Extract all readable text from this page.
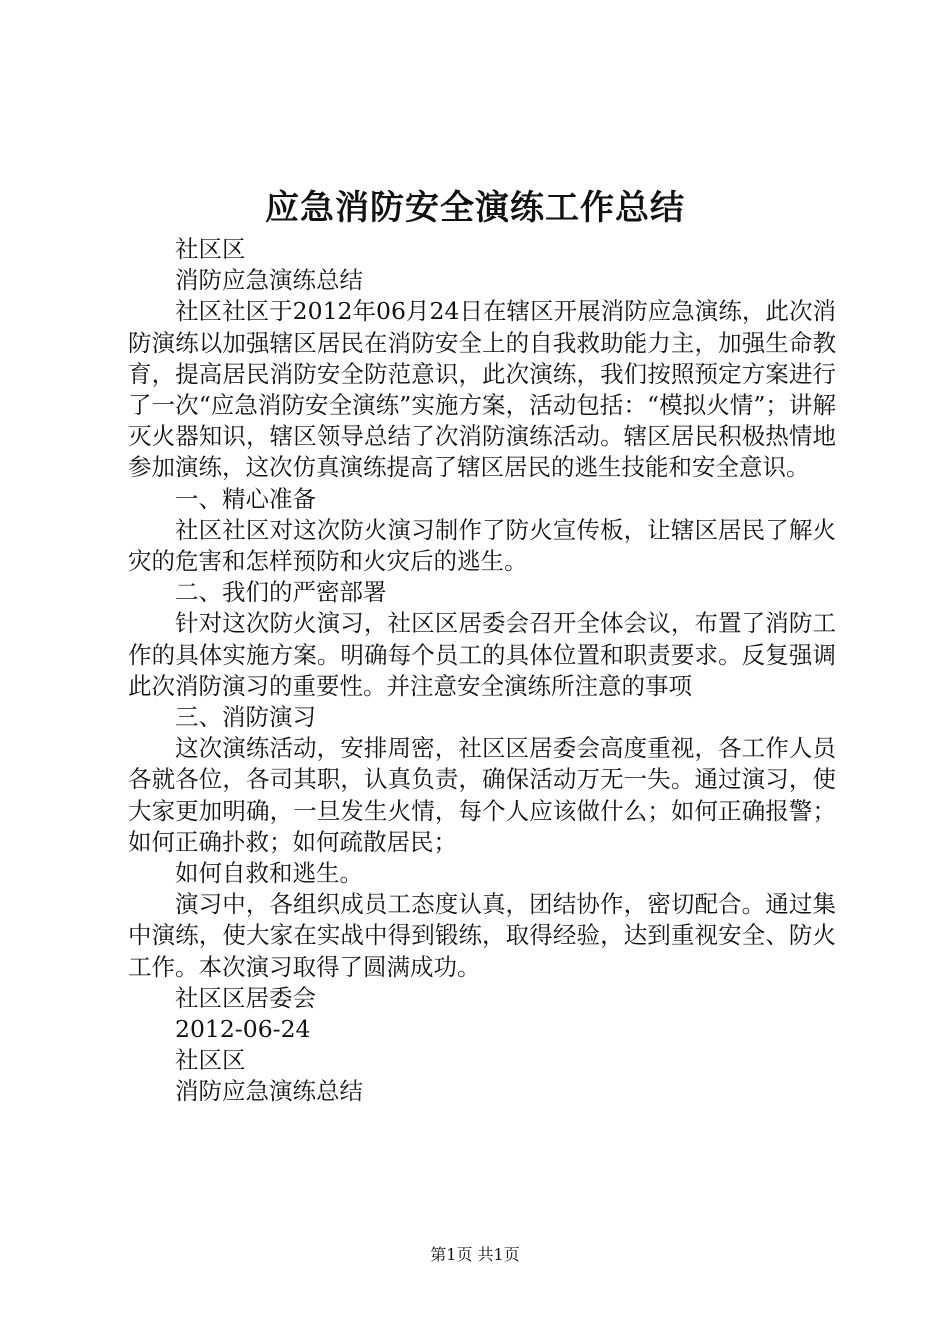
应急消防安全演练工作总结

社区区

消防应急演练总结

社区社区于2012年06月24日在辖区开展消防应急演练，此次消防演练以加强辖区居民在消防安全上的自我救助能力主，加强生命教育，提高居民消防安全防范意识，此次演练，我们按照预定方案进行了一次“应急消防安全演练”实施方案，活动包括：“模拟火情”；讲解灭火器知识，辖区领导总结了次消防演练活动。辖区居民积极热情地参加演练，这次仿真演练提高了辖区居民的逃生技能和安全意识。

一、精心准备

社区社区对这次防火演习制作了防火宣传板，让辖区居民了解火灾的危害和怎样预防和火灾后的逃生。

二、我们的严密部署

针对这次防火演习，社区区居委会召开全体会议，布置了消防工作的具体实施方案。明确每个员工的具体位置和职责要求。反复强调此次消防演习的重要性。并注意安全演练所注意的事项

三、消防演习

这次演练活动，安排周密，社区区居委会高度重视，各工作人员各就各位，各司其职，认真负责，确保活动万无一失。通过演习，使大家更加明确，一旦发生火情，每个人应该做什么；如何正确报警；如何正确扑救；如何疏散居民；

如何自救和逃生。

演习中，各组织成员工态度认真，团结协作，密切配合。通过集中演练，使大家在实战中得到锻练，取得经验，达到重视安全、防火工作。本次演习取得了圆满成功。

社区区居委会

2012-06-24

社区区

消防应急演练总结

第1页 共1页
